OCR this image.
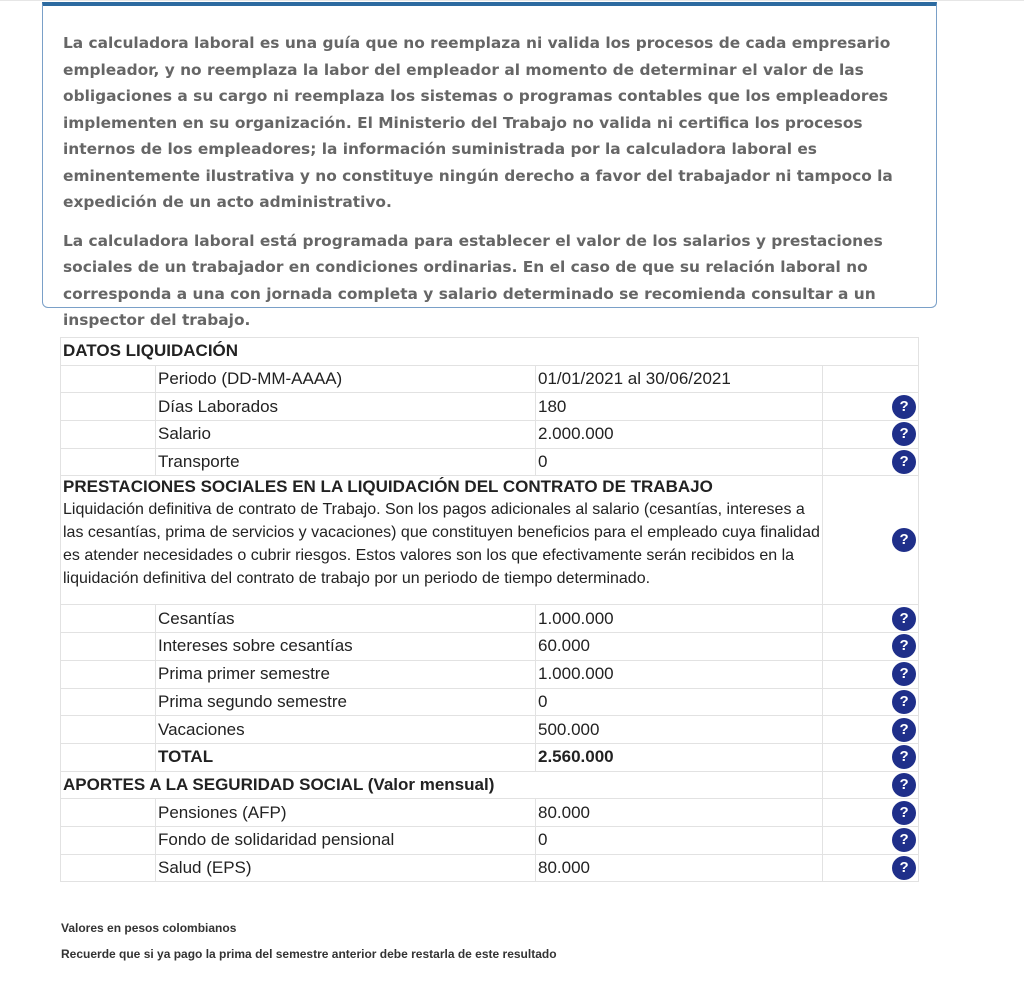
La calculadora laboral es una guía que no reemplaza ni valida los procesos de cada empresario empleador, y no reemplaza la labor del empleador al momento de determinar el valor de las obligaciones a su cargo ni reemplaza los sistemas o programas contables que los empleadores implementen en su organización. El Ministerio del Trabajo no valida ni certifica los procesos internos de los empleadores; la información suministrada por la calculadora laboral es eminentemente ilustrativa y no constituye ningún derecho a favor del trabajador ni tampoco la expedición de un acto administrativo.

La calculadora laboral está programada para establecer el valor de los salarios y prestaciones sociales de un trabajador en condiciones ordinarias. En el caso de que su relación laboral no corresponda a una con jornada completa y salario determinado se recomienda consultar a un inspector del trabajo.

DATOS LIQUIDACIÓN			
	Periodo (DD-MM-AAAA)	01/01/2021 al 30/06/2021	
	Días Laborados	180	?
	Salario	2.000.000	?
	Transporte	0	?

PRESTACIONES SOCIALES EN LA LIQUIDACIÓN DEL CONTRATO DE TRABAJO
Liquidación definitiva de contrato de Trabajo. Son los pagos adicionales al salario (cesantías, intereses a las cesantías, prima de servicios y vacaciones) que constituyen beneficios para el empleado cuya finalidad es atender necesidades o cubrir riesgos. Estos valores son los que efectivamente serán recibidos en la liquidación definitiva del contrato de trabajo por un periodo de tiempo determinado.			?
	Cesantías	1.000.000	?
	Intereses sobre cesantías	60.000	?
	Prima primer semestre	1.000.000	?
	Prima segundo semestre	0	?
	Vacaciones	500.000	?
	TOTAL	2.560.000	?
APORTES A LA SEGURIDAD SOCIAL (Valor mensual)			?
	Pensiones (AFP)	80.000	?
	Fondo de solidaridad pensional	0	?
	Salud (EPS)	80.000	?
Valores en pesos colombianos
Recuerde que si ya pago la prima del semestre anterior debe restarla de este resultado
